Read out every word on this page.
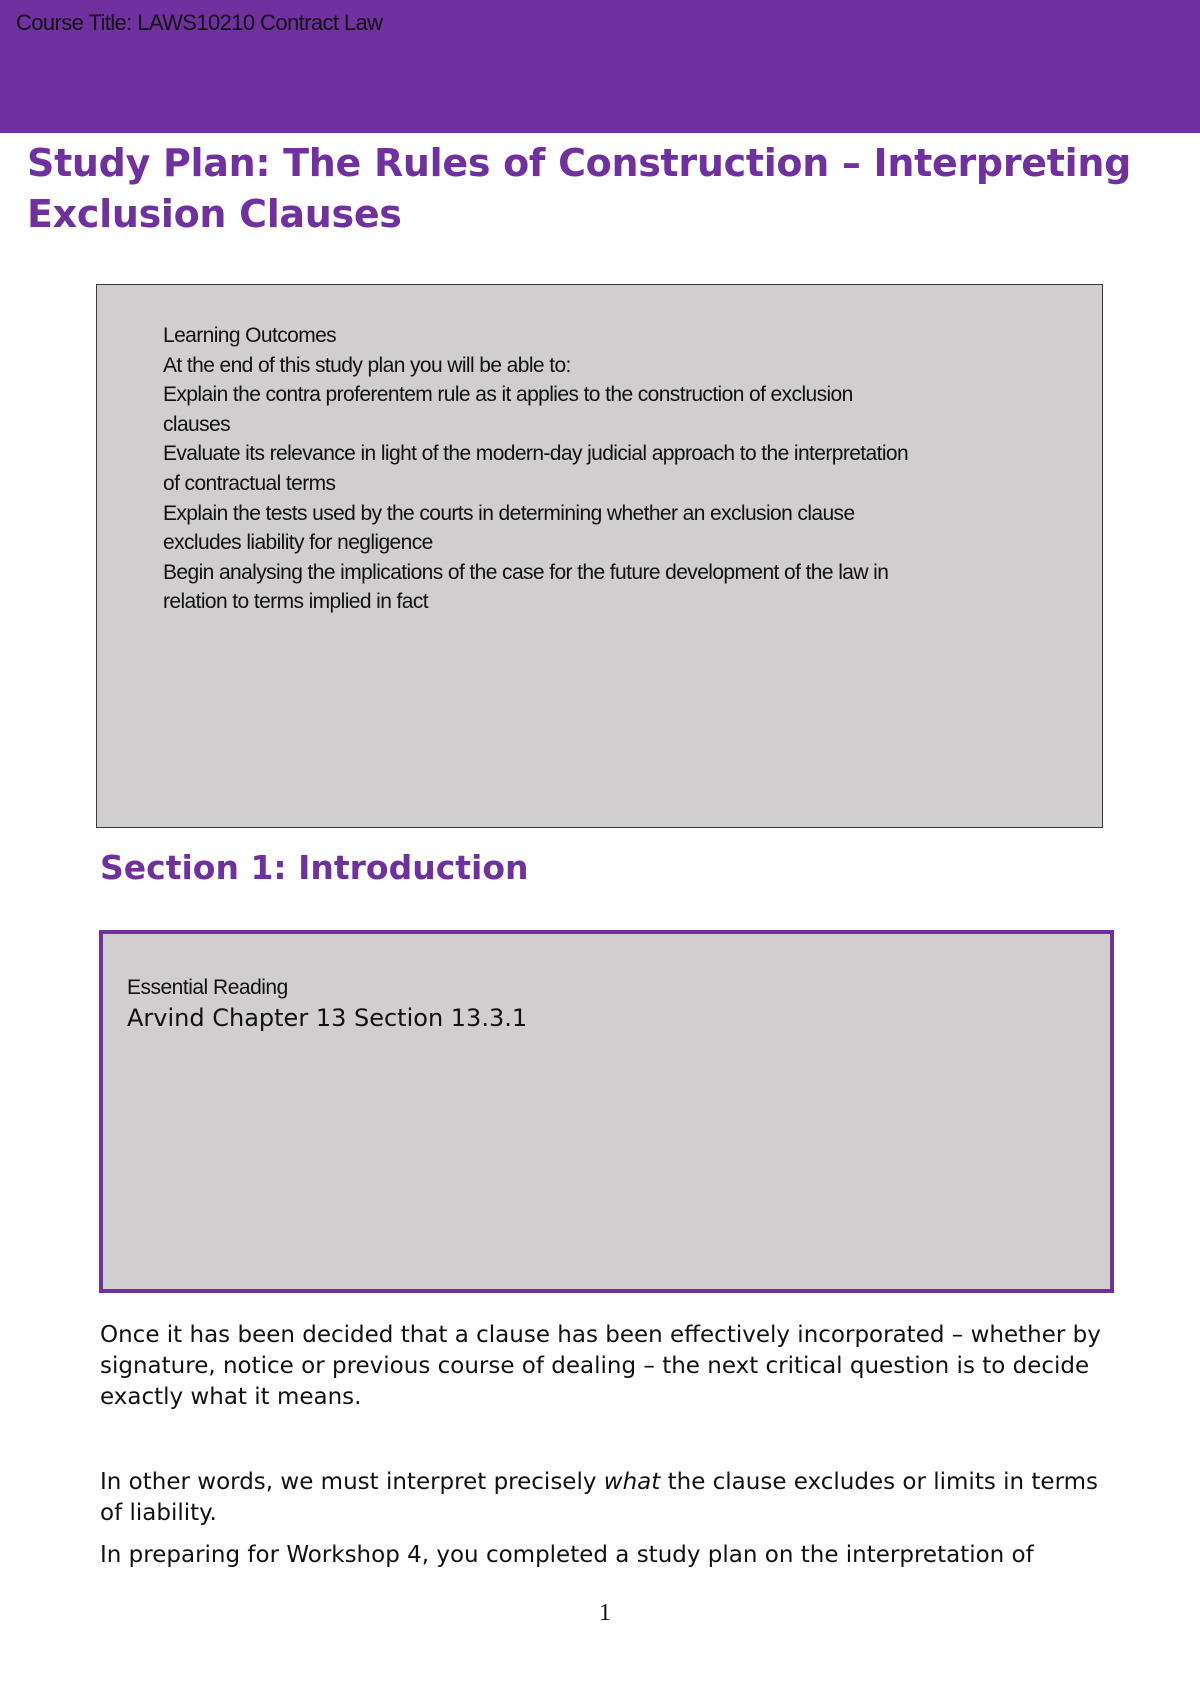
Course Title: LAWS10210 Contract Law
Study Plan: The Rules of Construction – Interpreting Exclusion Clauses
Learning Outcomes
At the end of this study plan you will be able to:
Explain the contra proferentem rule as it applies to the construction of exclusion clauses
Evaluate its relevance in light of the modern-day judicial approach to the interpretation of contractual terms
Explain the tests used by the courts in determining whether an exclusion clause excludes liability for negligence
Begin analysing the implications of the case for the future development of the law in relation to terms implied in fact
Section 1: Introduction
Essential Reading
Arvind Chapter 13 Section 13.3.1

Once it has been decided that a clause has been effectively incorporated – whether by signature, notice or previous course of dealing – the next critical question is to decide exactly what it means.

In other words, we must interpret precisely what the clause excludes or limits in terms of liability.

In preparing for Workshop 4, you completed a study plan on the interpretation of

1
